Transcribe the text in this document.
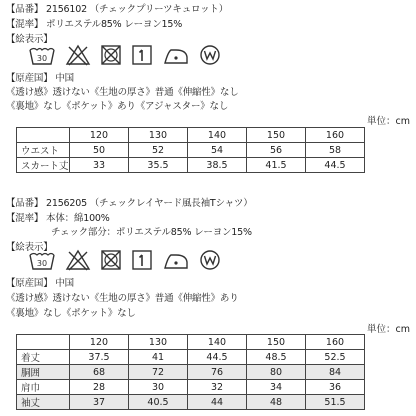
【品番】 2156102 （チェックプリーツキュロット）
【混率】 ポリエステル85% レーヨン15%
【絵表示】
30
【原産国】 中国
《透け感》透けない《生地の厚さ》普通《伸縮性》なし
《裏地》なし《ポケット》あり《アジャスター》なし
単位：cm
	120	130	140	150	160
ウエスト	50	52	54	56	58
スカート丈	33	35.5	38.5	41.5	44.5
【品番】 2156205 （チェックレイヤード風長袖Tシャツ）
【混率】 本体：綿100%
チェック部分：ポリエステル85% レーヨン15%
【絵表示】
30
【原産国】 中国
《透け感》透けない《生地の厚さ》普通《伸縮性》あり
《裏地》なし《ポケット》なし
単位：cm
	120	130	140	150	160
着丈	37.5	41	44.5	48.5	52.5
胴囲	68	72	76	80	84
肩巾	28	30	32	34	36
袖丈	37	40.5	44	48	51.5
